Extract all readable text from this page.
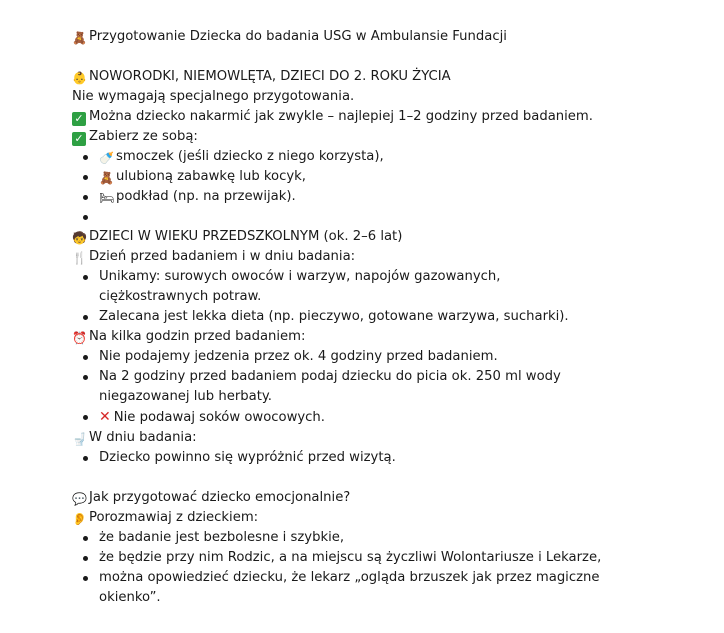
🧸 Przygotowanie Dziecka do badania USG w Ambulansie Fundacji
👶 NOWORODKI, NIEMOWLĘTA, DZIECI DO 2. ROKU ŻYCIA
Nie wymagają specjalnego przygotowania.
✓ Można dziecko nakarmić jak zwykle – najlepiej 1–2 godziny przed badaniem.
✓ Zabierz ze sobą:
🍼 smoczek (jeśli dziecko z niego korzysta),
🧸 ulubioną zabawkę lub kocyk,
🛏 podkład (np. na przewijak).

🧒 DZIECI W WIEKU PRZEDSZKOLNYM (ok. 2–6 lat)
🍴 Dzień przed badaniem i w dniu badania:
Unikamy: surowych owoców i warzyw, napojów gazowanych, ciężkostrawnych potraw.
Zalecana jest lekka dieta (np. pieczywo, gotowane warzywa, sucharki).
⏰ Na kilka godzin przed badaniem:
Nie podajemy jedzenia przez ok. 4 godziny przed badaniem.
Na 2 godziny przed badaniem podaj dziecku do picia ok. 250 ml wody niegazowanej lub herbaty.
✕ Nie podawaj soków owocowych.
🚽 W dniu badania:
Dziecko powinno się wypróżnić przed wizytą.
💬 Jak przygotować dziecko emocjonalnie?
👂 Porozmawiaj z dzieckiem:
że badanie jest bezbolesne i szybkie,
że będzie przy nim Rodzic, a na miejscu są życzliwi Wolontariusze i Lekarze,
można opowiedzieć dziecku, że lekarz „ogląda brzuszek jak przez magiczne okienko”.
